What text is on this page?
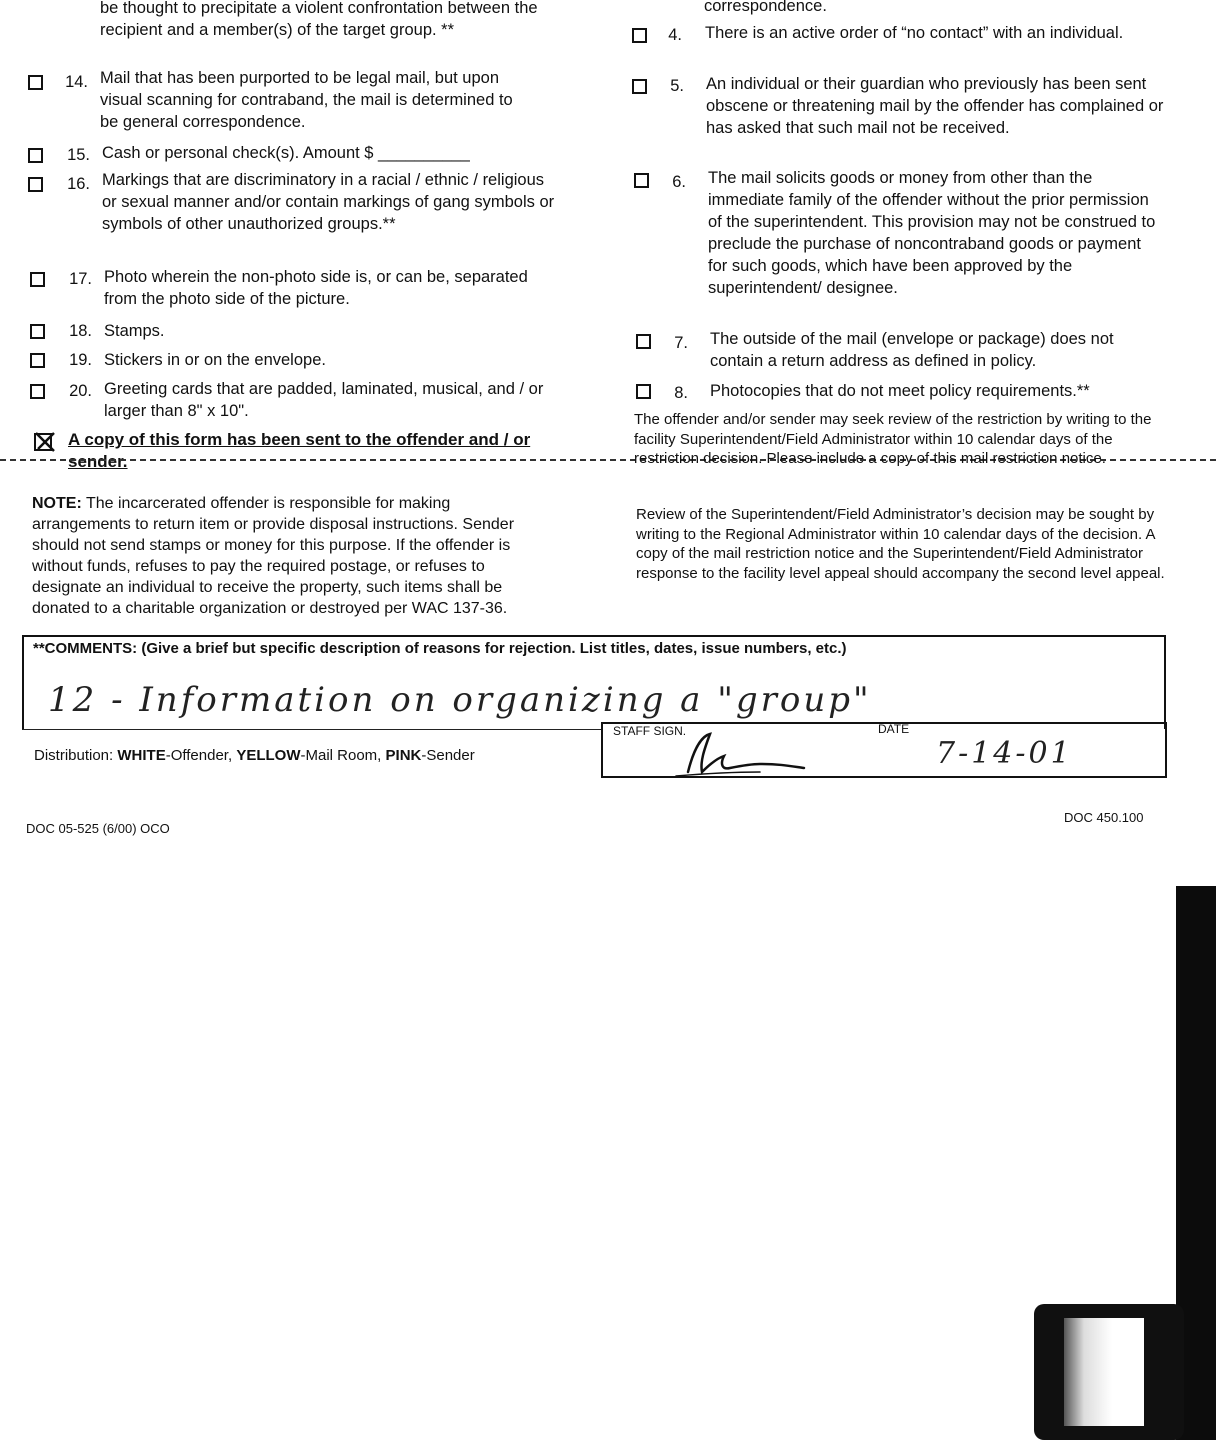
be thought to precipitate a violent confrontation between the recipient and a member(s) of the target group. **
14. Mail that has been purported to be legal mail, but upon visual scanning for contraband, the mail is determined to be general correspondence.
15. Cash or personal check(s). Amount $ __________
16. Markings that are discriminatory in a racial / ethnic / religious or sexual manner and/or contain markings of gang symbols or symbols of other unauthorized groups.**
17. Photo wherein the non-photo side is, or can be, separated from the photo side of the picture.
18. Stamps.
19. Stickers in or on the envelope.
20. Greeting cards that are padded, laminated, musical, and / or larger than 8" x 10".
A copy of this form has been sent to the offender and / or sender.
NOTE: The incarcerated offender is responsible for making arrangements to return item or provide disposal instructions. Sender should not send stamps or money for this purpose. If the offender is without funds, refuses to pay the required postage, or refuses to designate an individual to receive the property, such items shall be donated to a charitable organization or destroyed per WAC 137-36.
correspondence.
4. There is an active order of “no contact” with an individual.
5. An individual or their guardian who previously has been sent obscene or threatening mail by the offender has complained or has asked that such mail not be received.
6. The mail solicits goods or money from other than the immediate family of the offender without the prior permission of the superintendent. This provision may not be construed to preclude the purchase of noncontraband goods or payment for such goods, which have been approved by the superintendent/ designee.
7. The outside of the mail (envelope or package) does not contain a return address as defined in policy.
8. Photocopies that do not meet policy requirements.**
The offender and/or sender may seek review of the restriction by writing to the facility Superintendent/Field Administrator within 10 calendar days of the restriction decision. Please include a copy of this mail restriction notice.
Review of the Superintendent/Field Administrator’s decision may be sought by writing to the Regional Administrator within 10 calendar days of the decision. A copy of the mail restriction notice and the Superintendent/Field Administrator response to the facility level appeal should accompany the second level appeal.
**COMMENTS: (Give a brief but specific description of reasons for rejection. List titles, dates, issue numbers, etc.)
12 - Information on organizing a "group"
STAFF SIGN.	DATE
7-14-01
Distribution: WHITE-Offender, YELLOW-Mail Room, PINK-Sender
DOC 05-525 (6/00) OCO
DOC 450.100
